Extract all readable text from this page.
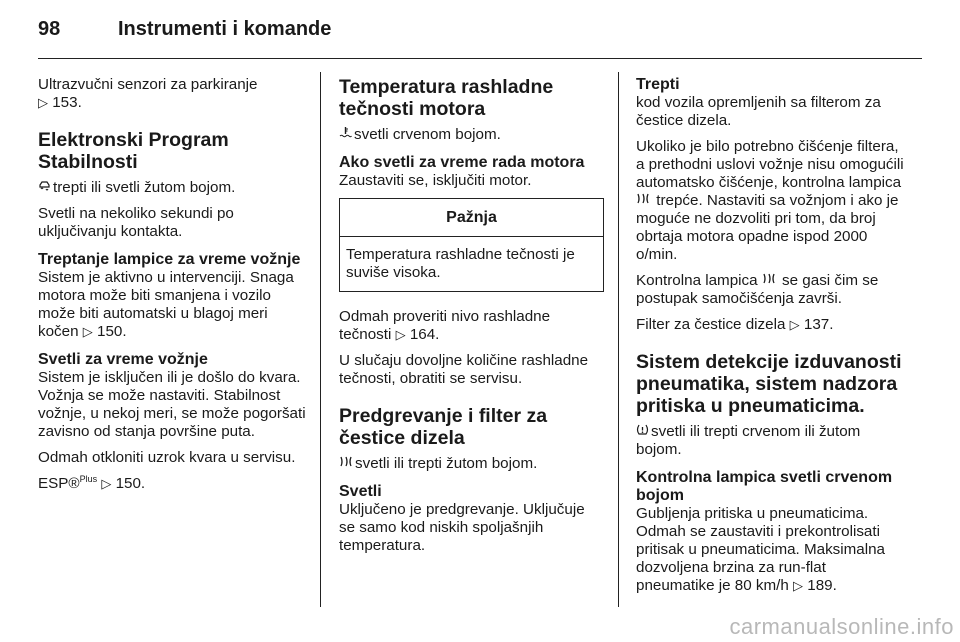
98	Instrumenti i komande

Ultrazvučni senzori za parkiranje
▷ 153.

Elektronski Program Stabilnosti

trepti ili svetli žutom bojom.

Svetli na nekoliko sekundi po uključivanju kontakta.

Treptanje lampice za vreme vožnje

Sistem je aktivno u intervenciji. Snaga motora može biti smanjena i vozilo može biti automatski u blagoj meri kočen ▷ 150.

Svetli za vreme vožnje

Sistem je isključen ili je došlo do kvara. Vožnja se može nastaviti. Stabilnost vožnje, u nekoj meri, se može pogoršati zavisno od stanja površine puta.

Odmah otkloniti uzrok kvara u servisu.

ESP®$^{Plus}$ ▷ 150.

Temperatura rashladne tečnosti motora

svetli crvenom bojom.

Ako svetli za vreme rada motora

Zaustaviti se, isključiti motor.

Pažnja
Temperatura rashladne tečnosti je suviše visoka.

Odmah proveriti nivo rashladne tečnosti ▷ 164.

U slučaju dovoljne količine rashladne tečnosti, obratiti se servisu.

Predgrevanje i filter za čestice dizela

svetli ili trepti žutom bojom.

Svetli

Uključeno je predgrevanje. Uključuje se samo kod niskih spoljašnjih temperatura.

Trepti

kod vozila opremljenih sa filterom za čestice dizela.

Ukoliko je bilo potrebno čišćenje filtera, a prethodni uslovi vožnje nisu omogućili automatsko čišćenje, kontrolna lampica  trepće. Nastaviti sa vožnjom i ako je moguće ne dozvoliti pri tom, da broj obrtaja motora opadne ispod 2000 o/min.

Kontrolna lampica se gasi čim se postupak samočišćenja završi.

Filter za čestice dizela ▷ 137.

Sistem detekcije izduvanosti pneumatika, sistem nadzora pritiska u pneumaticima.

svetli ili trepti crvenom ili žutom bojom.

Kontrolna lampica svetli crvenom bojom

Gubljenja pritiska u pneumaticima. Odmah se zaustaviti i prekontrolisati pritisak u pneumaticima. Maksimalna dozvoljena brzina za run-flat pneumatike je 80 km/h ▷ 189.

carmanualsonline.info
